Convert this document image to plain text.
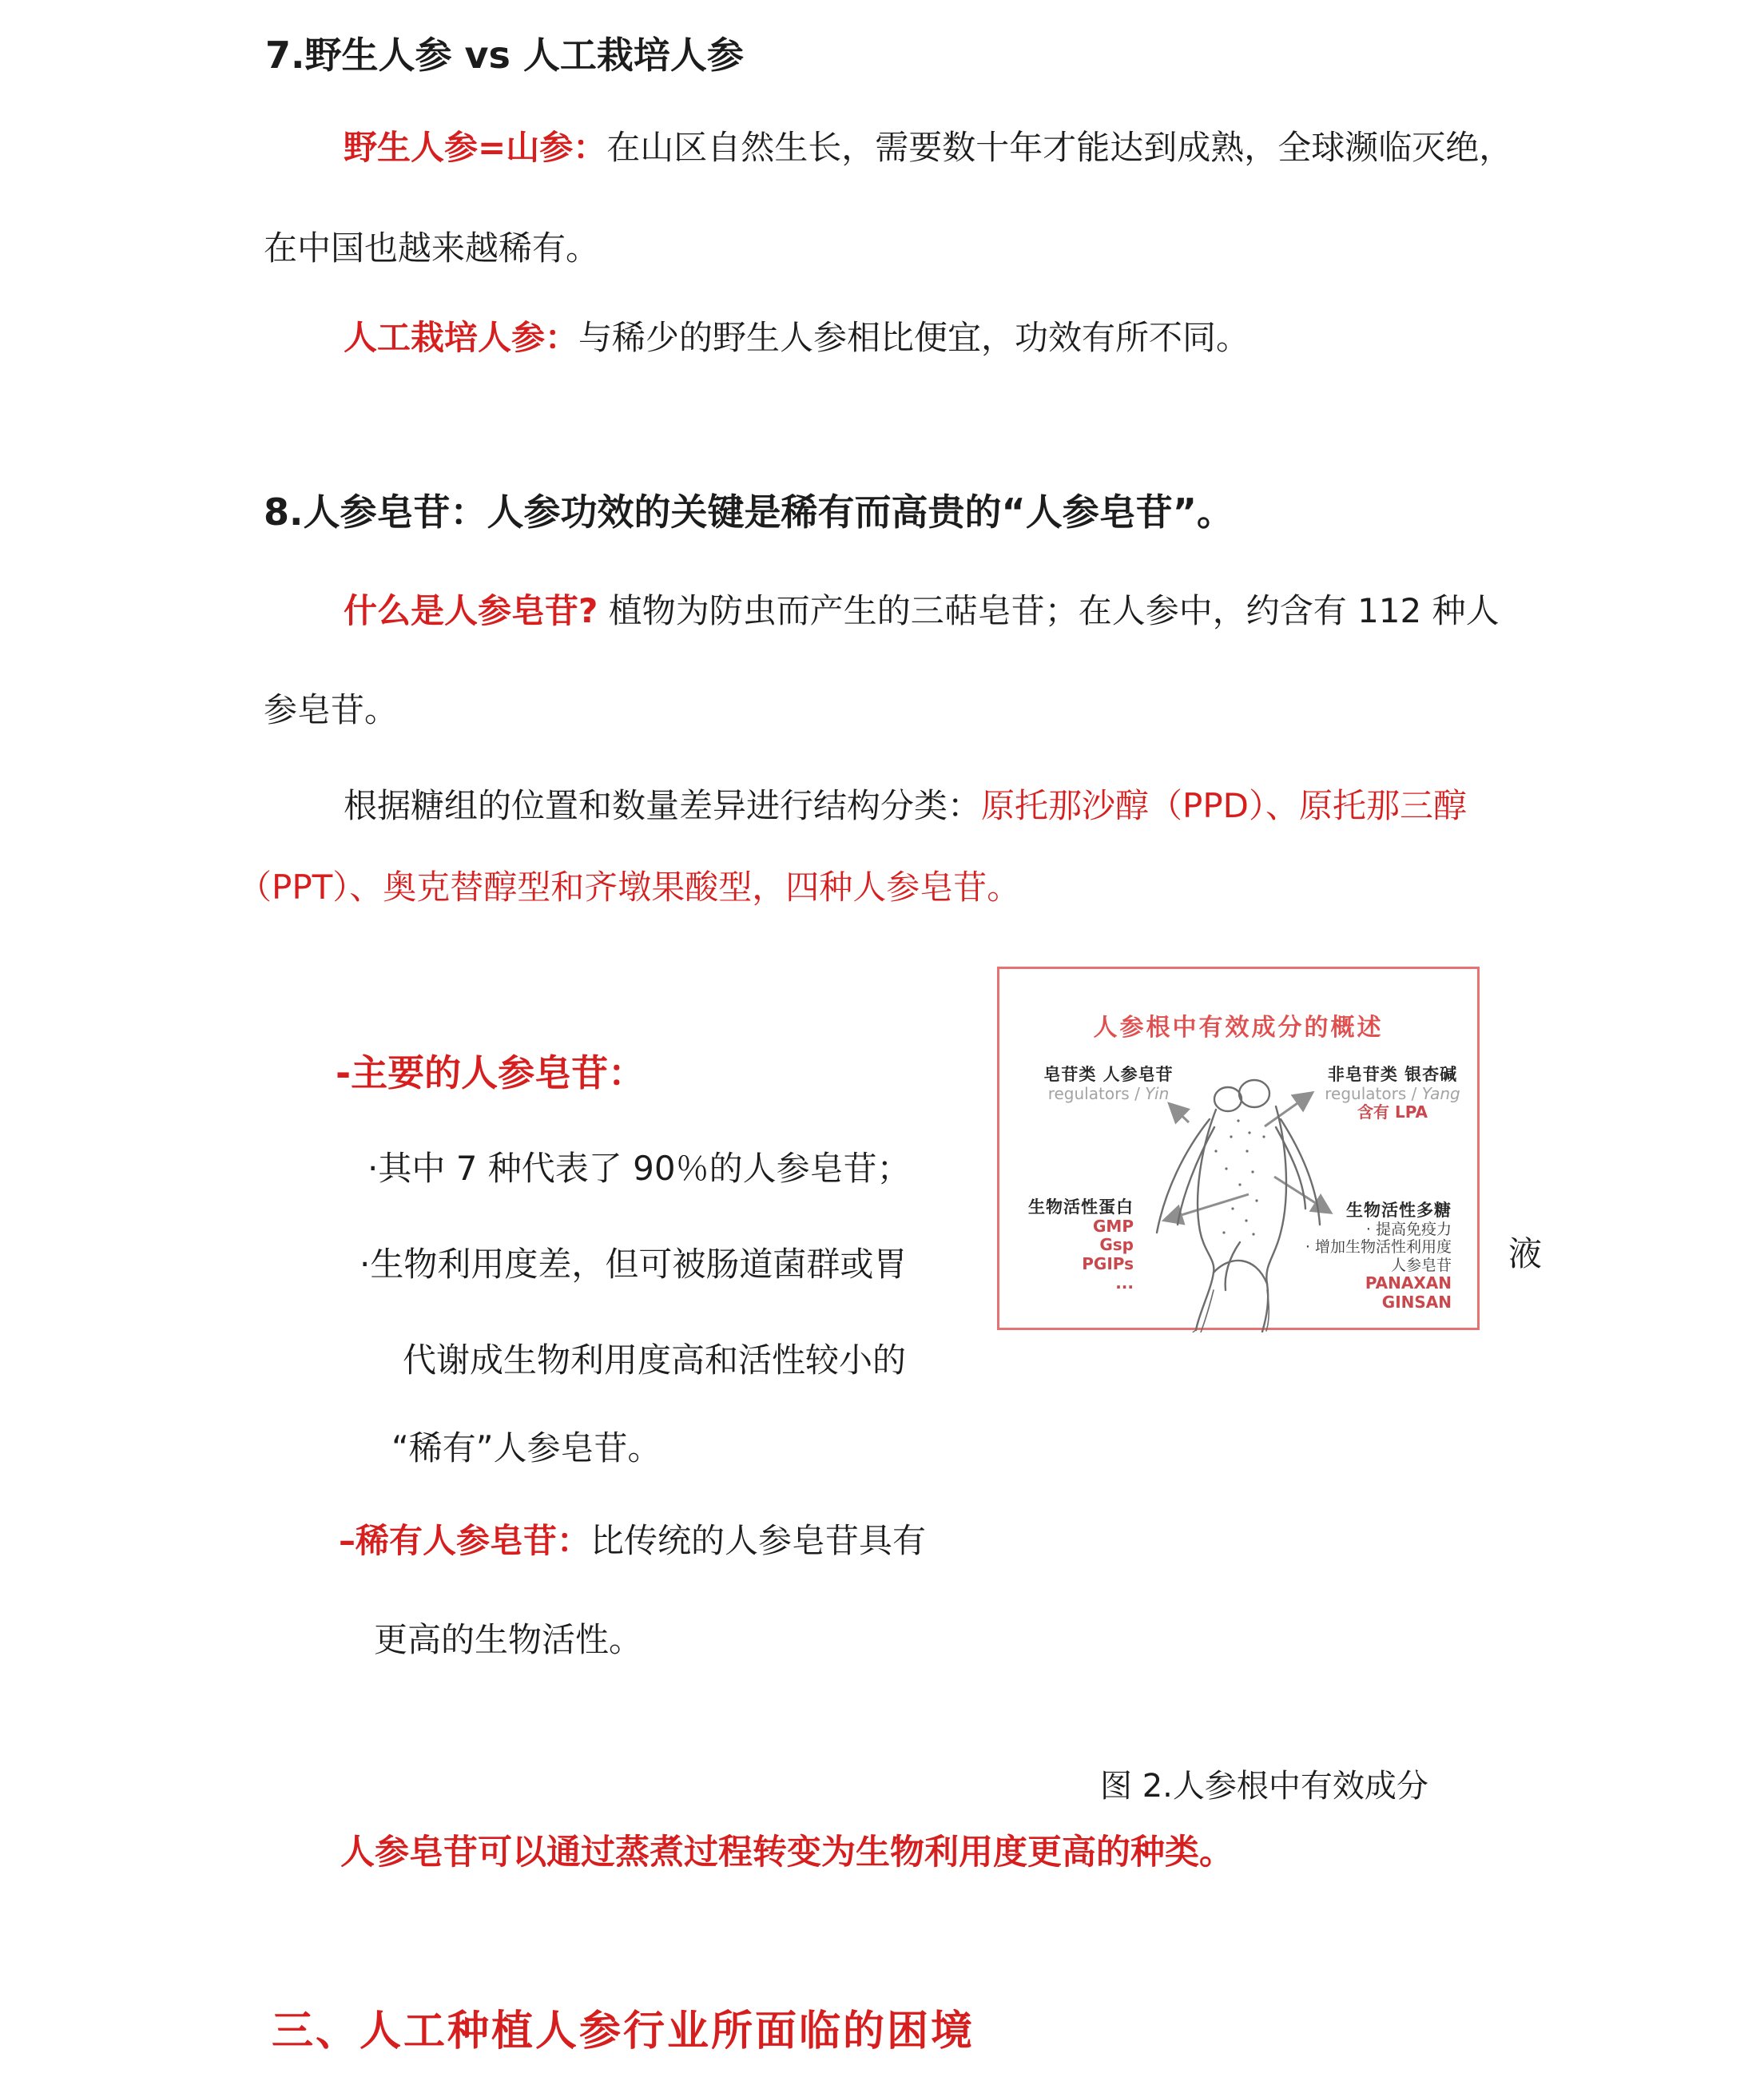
7.野生人参 vs 人工栽培人参
野生人参=山参：在山区自然生长，需要数十年才能达到成熟，全球濒临灭绝，
在中国也越来越稀有。
人工栽培人参：与稀少的野生人参相比便宜，功效有所不同。
8.人参皂苷：人参功效的关键是稀有而高贵的“人参皂苷”。
什么是人参皂苷? 植物为防虫而产生的三萜皂苷；在人参中，约含有 112 种人
参皂苷。
根据糖组的位置和数量差异进行结构分类：原托那沙醇（PPD）、原托那三醇
（PPT）、奥克替醇型和齐墩果酸型，四种人参皂苷。
-主要的人参皂苷：
·其中 7 种代表了 90％的人参皂苷；
·生物利用度差，但可被肠道菌群或胃
代谢成生物利用度高和活性较小的
“稀有”人参皂苷。
–稀有人参皂苷：比传统的人参皂苷具有
更高的生物活性。
液
人参根中有效成分的概述
皂苷类 人参皂苷
regulators / Yin
非皂苷类 银杏碱
regulators / Yang
含有 LPA
生物活性蛋白
GMP
Gsp
PGIPs
...
生物活性多糖
· 提高免疫力
· 增加生物活性利用度
人参皂苷
PANAXAN
GINSAN
图 2.人参根中有效成分
人参皂苷可以通过蒸煮过程转变为生物利用度更高的种类。
三、人工种植人参行业所面临的困境
